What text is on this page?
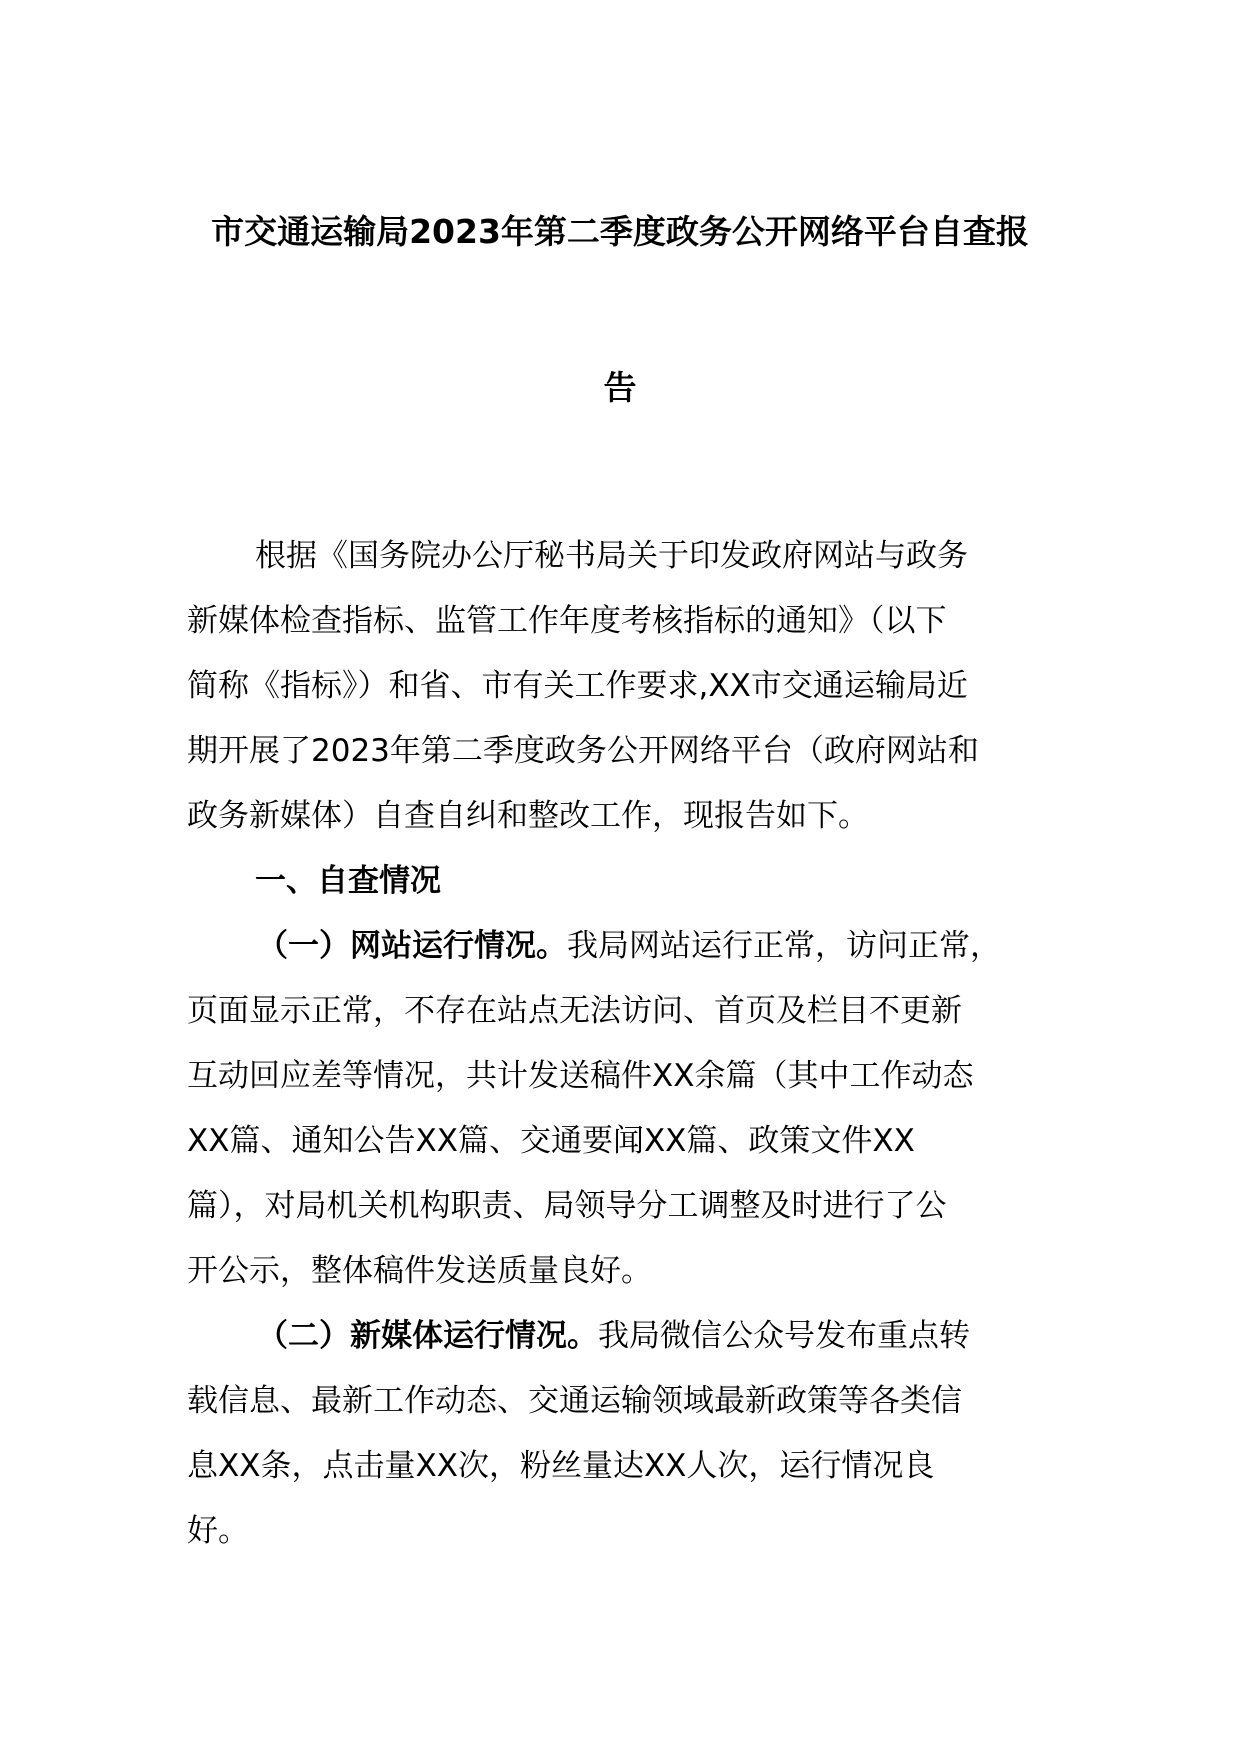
市交通运输局2023年第二季度政务公开网络平台自查报
告
根据《国务院办公厅秘书局关于印发政府网站与政务
新媒体检查指标、监管工作年度考核指标的通知》（以下
简称《指标》）和省、市有关工作要求,XX市交通运输局近
期开展了2023年第二季度政务公开网络平台（政府网站和
政务新媒体）自查自纠和整改工作，现报告如下。
一、自查情况
（一）网站运行情况。我局网站运行正常，访问正常，
页面显示正常，不存在站点无法访问、首页及栏目不更新
互动回应差等情况，共计发送稿件XX余篇（其中工作动态
XX篇、通知公告XX篇、交通要闻XX篇、政策文件XX
篇），对局机关机构职责、局领导分工调整及时进行了公
开公示，整体稿件发送质量良好。
（二）新媒体运行情况。我局微信公众号发布重点转
载信息、最新工作动态、交通运输领域最新政策等各类信
息XX条，点击量XX次，粉丝量达XX人次，运行情况良
好。
